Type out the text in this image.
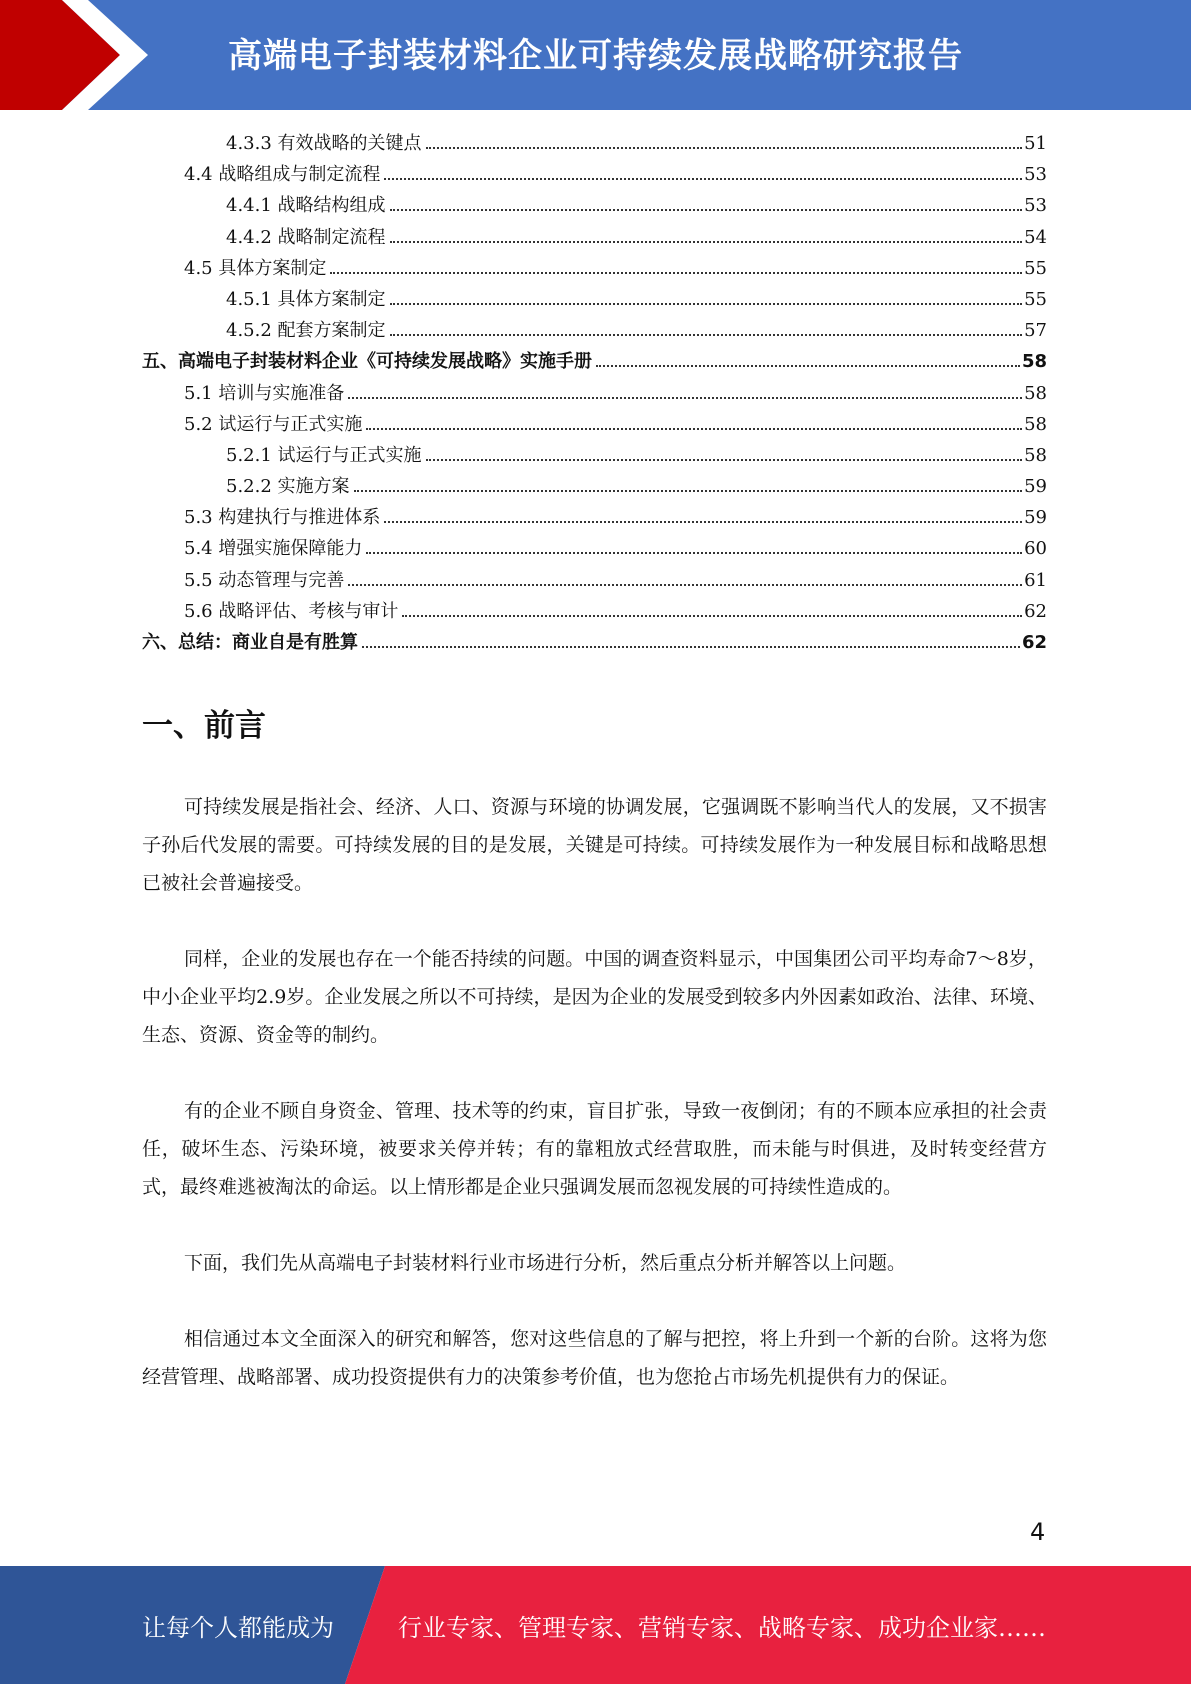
高端电子封装材料企业可持续发展战略研究报告
4.3.3 有效战略的关键点	51
4.4 战略组成与制定流程	53
4.4.1 战略结构组成	53
4.4.2 战略制定流程	54
4.5 具体方案制定	55
4.5.1 具体方案制定	55
4.5.2 配套方案制定	57
五、高端电子封装材料企业《可持续发展战略》实施手册	58
5.1 培训与实施准备	58
5.2 试运行与正式实施	58
5.2.1 试运行与正式实施	58
5.2.2 实施方案	59
5.3 构建执行与推进体系	59
5.4 增强实施保障能力	60
5.5 动态管理与完善	61
5.6 战略评估、考核与审计	62
六、总结：商业自是有胜算	62
一、前言

可持续发展是指社会、经济、人口、资源与环境的协调发展，它强调既不影响当代人的发展，又不损害子孙后代发展的需要。可持续发展的目的是发展，关键是可持续。可持续发展作为一种发展目标和战略思想已被社会普遍接受。

同样，企业的发展也存在一个能否持续的问题。中国的调查资料显示，中国集团公司平均寿命7～8岁，中小企业平均2.9岁。企业发展之所以不可持续，是因为企业的发展受到较多内外因素如政治、法律、环境、生态、资源、资金等的制约。

有的企业不顾自身资金、管理、技术等的约束，盲目扩张，导致一夜倒闭；有的不顾本应承担的社会责任，破坏生态、污染环境，被要求关停并转；有的靠粗放式经营取胜，而未能与时俱进，及时转变经营方式，最终难逃被淘汰的命运。以上情形都是企业只强调发展而忽视发展的可持续性造成的。

下面，我们先从高端电子封装材料行业市场进行分析，然后重点分析并解答以上问题。

相信通过本文全面深入的研究和解答，您对这些信息的了解与把控，将上升到一个新的台阶。这将为您经营管理、战略部署、成功投资提供有力的决策参考价值，也为您抢占市场先机提供有力的保证。

4
让每个人都能成为	行业专家、管理专家、营销专家、战略专家、成功企业家……
